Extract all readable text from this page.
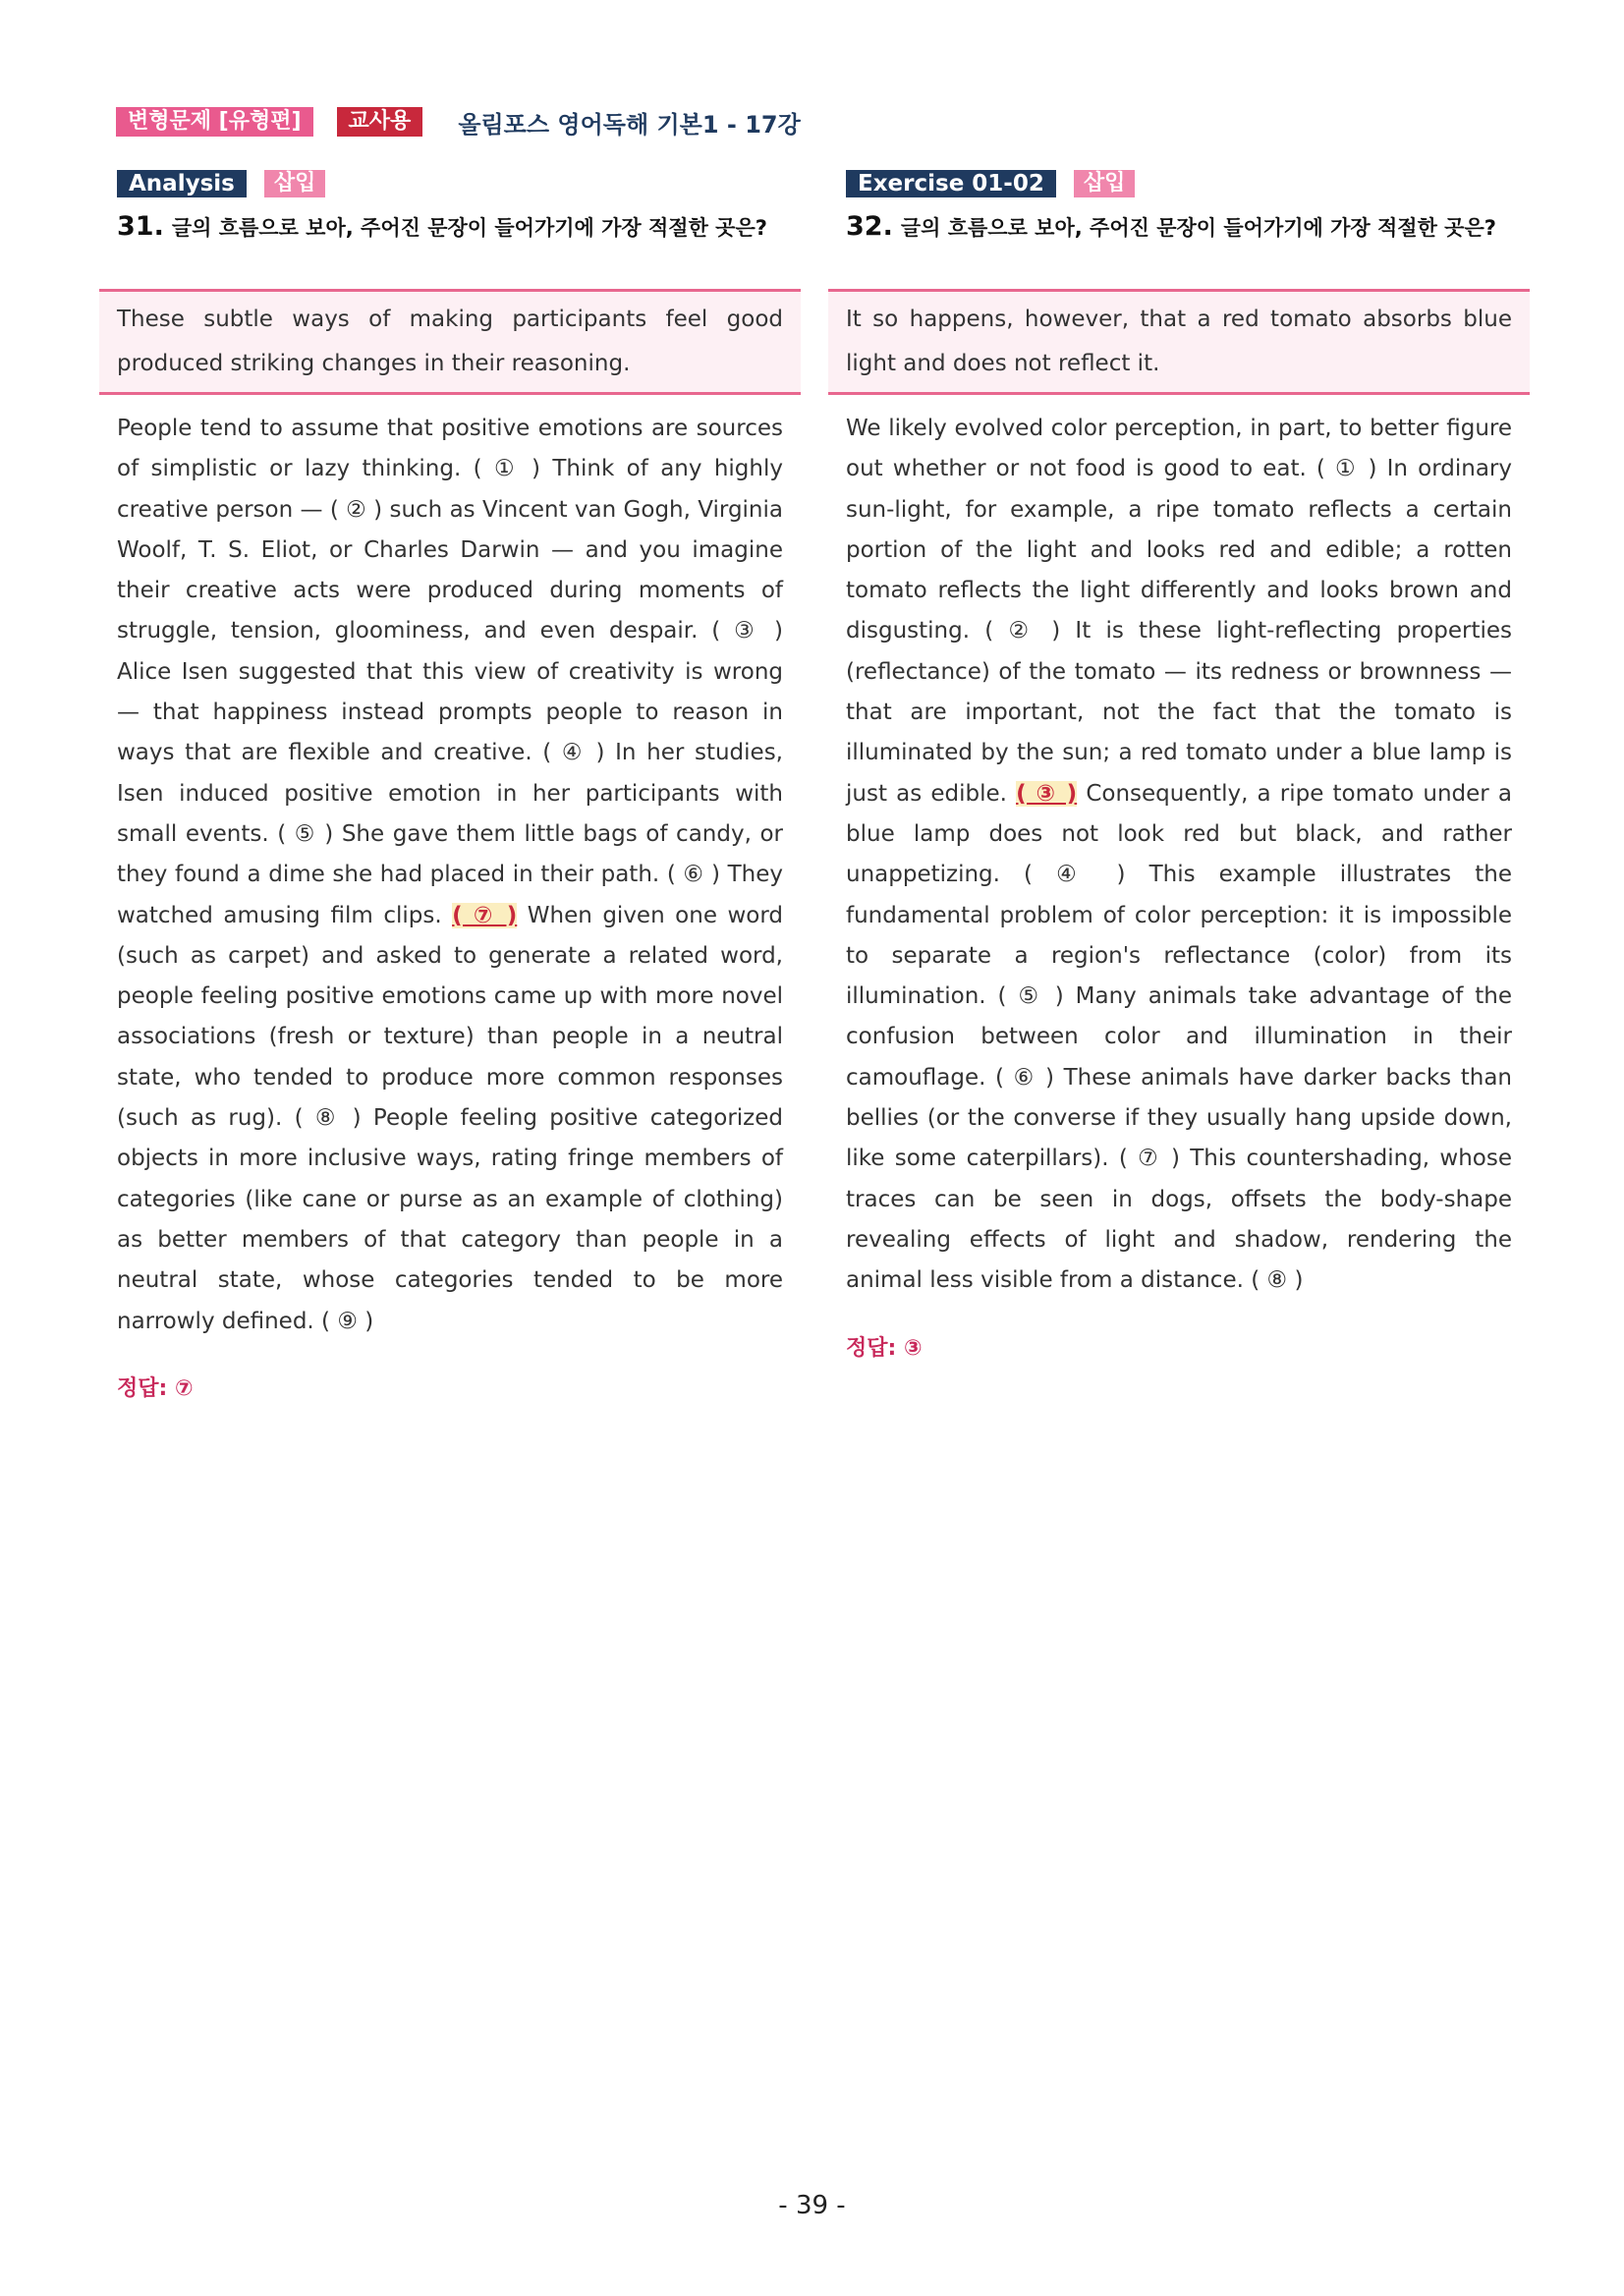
변형문제 [유형편]	교사용	올림포스 영어독해 기본1 - 17강
Analysis	삽입
31. 글의 흐름으로 보아, 주어진 문장이 들어가기에 가장 적절한 곳은?
These subtle ways of making participants feel good produced striking changes in their reasoning.
People tend to assume that positive emotions are sources of simplistic or lazy thinking. ( ① ) Think of any highly creative person — ( ② ) such as Vincent van Gogh, Virginia Woolf, T. S. Eliot, or Charles Darwin — and you imagine their creative acts were produced during moments of struggle, tension, gloominess, and even despair. ( ③ ) Alice Isen suggested that this view of creativity is wrong — that happiness instead prompts people to reason in ways that are flexible and creative. ( ④ ) In her studies, Isen induced positive emotion in her participants with small events. ( ⑤ ) She gave them little bags of candy, or they found a dime she had placed in their path. ( ⑥ ) They watched amusing film clips. ( ⑦ ) When given one word (such as carpet) and asked to generate a related word, people feeling positive emotions came up with more novel associations (fresh or texture) than people in a neutral state, who tended to produce more common responses (such as rug). ( ⑧ ) People feeling positive categorized objects in more inclusive ways, rating fringe members of categories (like cane or purse as an example of clothing) as better members of that category than people in a neutral state, whose categories tended to be more narrowly defined. ( ⑨ )
정답: ⑦
Exercise 01-02	삽입
32. 글의 흐름으로 보아, 주어진 문장이 들어가기에 가장 적절한 곳은?
It so happens, however, that a red tomato absorbs blue light and does not reflect it.
We likely evolved color perception, in part, to better figure out whether or not food is good to eat. ( ① ) In ordinary sun-light, for example, a ripe tomato reflects a certain portion of the light and looks red and edible; a rotten tomato reflects the light differently and looks brown and disgusting. ( ② ) It is these light-reflecting properties (reflectance) of the tomato — its redness or brownness — that are important, not the fact that the tomato is illuminated by the sun; a red tomato under a blue lamp is just as edible. ( ③ ) Consequently, a ripe tomato under a blue lamp does not look red but black, and rather unappetizing. ( ④ ) This example illustrates the fundamental problem of color perception: it is impossible to separate a region's reflectance (color) from its illumination. ( ⑤ ) Many animals take advantage of the confusion between color and illumination in their camouflage. ( ⑥ ) These animals have darker backs than bellies (or the converse if they usually hang upside down, like some caterpillars). ( ⑦ ) This countershading, whose traces can be seen in dogs, offsets the body-shape revealing effects of light and shadow, rendering the animal less visible from a distance. ( ⑧ )
정답: ③
- 39 -
